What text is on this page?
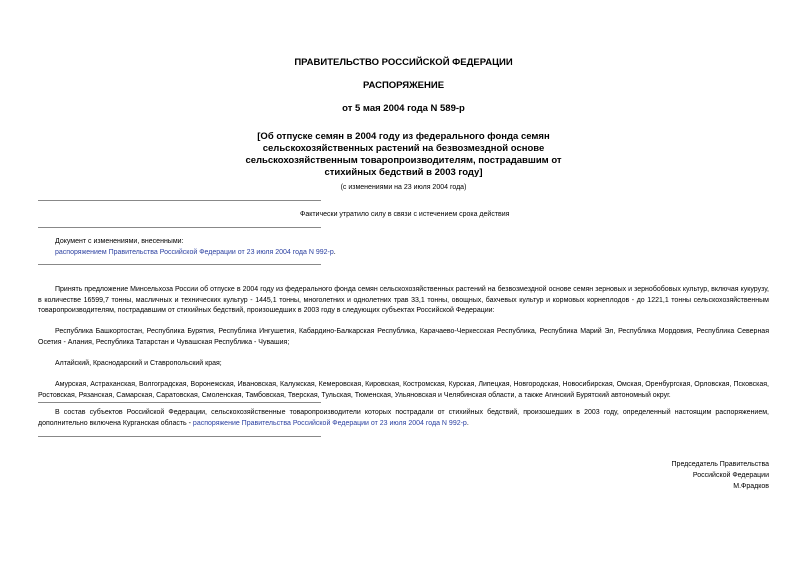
ПРАВИТЕЛЬСТВО РОССИЙСКОЙ ФЕДЕРАЦИИ
РАСПОРЯЖЕНИЕ
от 5 мая 2004 года N 589-р
[Об отпуске семян в 2004 году из федерального фонда семян сельскохозяйственных растений на безвозмездной основе сельскохозяйственным товаропроизводителям, пострадавшим от стихийных бедствий в 2003 году]
(с изменениями на 23 июля 2004 года)
Фактически утратило силу в связи с истечением срока действия
Документ с изменениями, внесенными:
распоряжением Правительства Российской Федерации от 23 июля 2004 года N 992-р.
Принять предложение Минсельхоза России об отпуске в 2004 году из федерального фонда семян сельскохозяйственных растений на безвозмездной основе семян зерновых и зернобобовых культур, включая кукурузу, в количестве 16599,7 тонны, масличных и технических культур - 1445,1 тонны, многолетних и однолетних трав 33,1 тонны, овощных, бахчевых культур и кормовых корнеплодов - до 1221,1 тонны сельскохозяйственным товаропроизводителям, пострадавшим от стихийных бедствий, произошедших в 2003 году в следующих субъектах Российской Федерации:
Республика Башкортостан, Республика Бурятия, Республика Ингушетия, Кабардино-Балкарская Республика, Карачаево-Черкесская Республика, Республика Марий Эл, Республика Мордовия, Республика Северная Осетия - Алания, Республика Татарстан и Чувашская Республика - Чувашия;
Алтайский, Краснодарский и Ставропольский края;
Амурская, Астраханская, Волгоградская, Воронежская, Ивановская, Калужская, Кемеровская, Кировская, Костромская, Курская, Липецкая, Новгородская, Новосибирская, Омская, Оренбургская, Орловская, Псковская, Ростовская, Рязанская, Самарская, Саратовская, Смоленская, Тамбовская, Тверская, Тульская, Тюменская, Ульяновская и Челябинская области, а также Агинский Бурятский автономный округ.
В состав субъектов Российской Федерации, сельскохозяйственные товаропроизводители которых пострадали от стихийных бедствий, произошедших в 2003 году, определенный настоящим распоряжением, дополнительно включена Курганская область - распоряжение Правительства Российской Федерации от 23 июля 2004 года N 992-р.
Председатель Правительства
Российской Федерации
М.Фрадков
